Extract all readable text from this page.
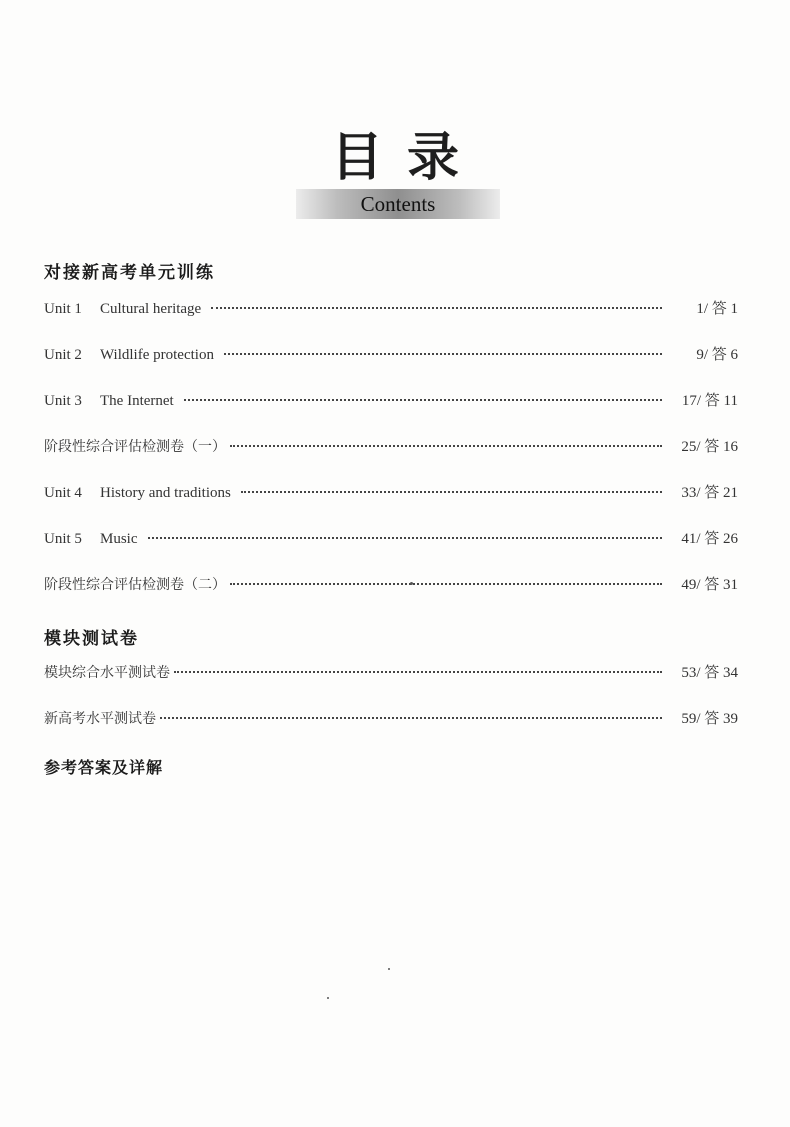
目录
Contents
对接新高考单元训练
Unit 1	Cultural heritage	1/ 答 1
Unit 2	Wildlife protection	9/ 答 6
Unit 3	The Internet	17/ 答 11
阶段性综合评估检测卷（一）	25/ 答 16
Unit 4	History and traditions	33/ 答 21
Unit 5	Music	41/ 答 26
阶段性综合评估检测卷（二）	49/ 答 31
模块测试卷
模块综合水平测试卷	53/ 答 34
新高考水平测试卷	59/ 答 39
参考答案及详解
